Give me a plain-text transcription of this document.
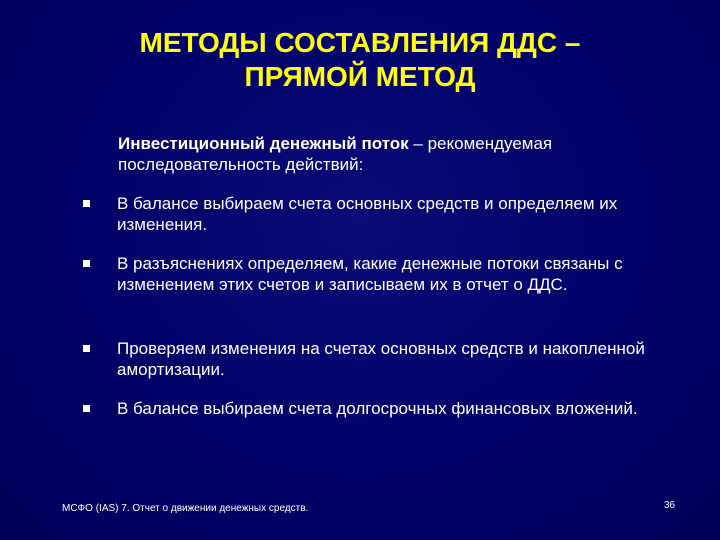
МЕТОДЫ СОСТАВЛЕНИЯ ДДС –
ПРЯМОЙ МЕТОД
Инвестиционный денежный поток – рекомендуемая последовательность действий:
В балансе выбираем счета основных средств и определяем их изменения.
В разъяснениях определяем, какие денежные потоки связаны с изменением этих счетов и записываем их в отчет о ДДС.
Проверяем изменения на счетах основных средств и накопленной амортизации.
В балансе выбираем счета долгосрочных финансовых вложений.
МСФО (IAS) 7. Отчет о движении денежных средств.	36
